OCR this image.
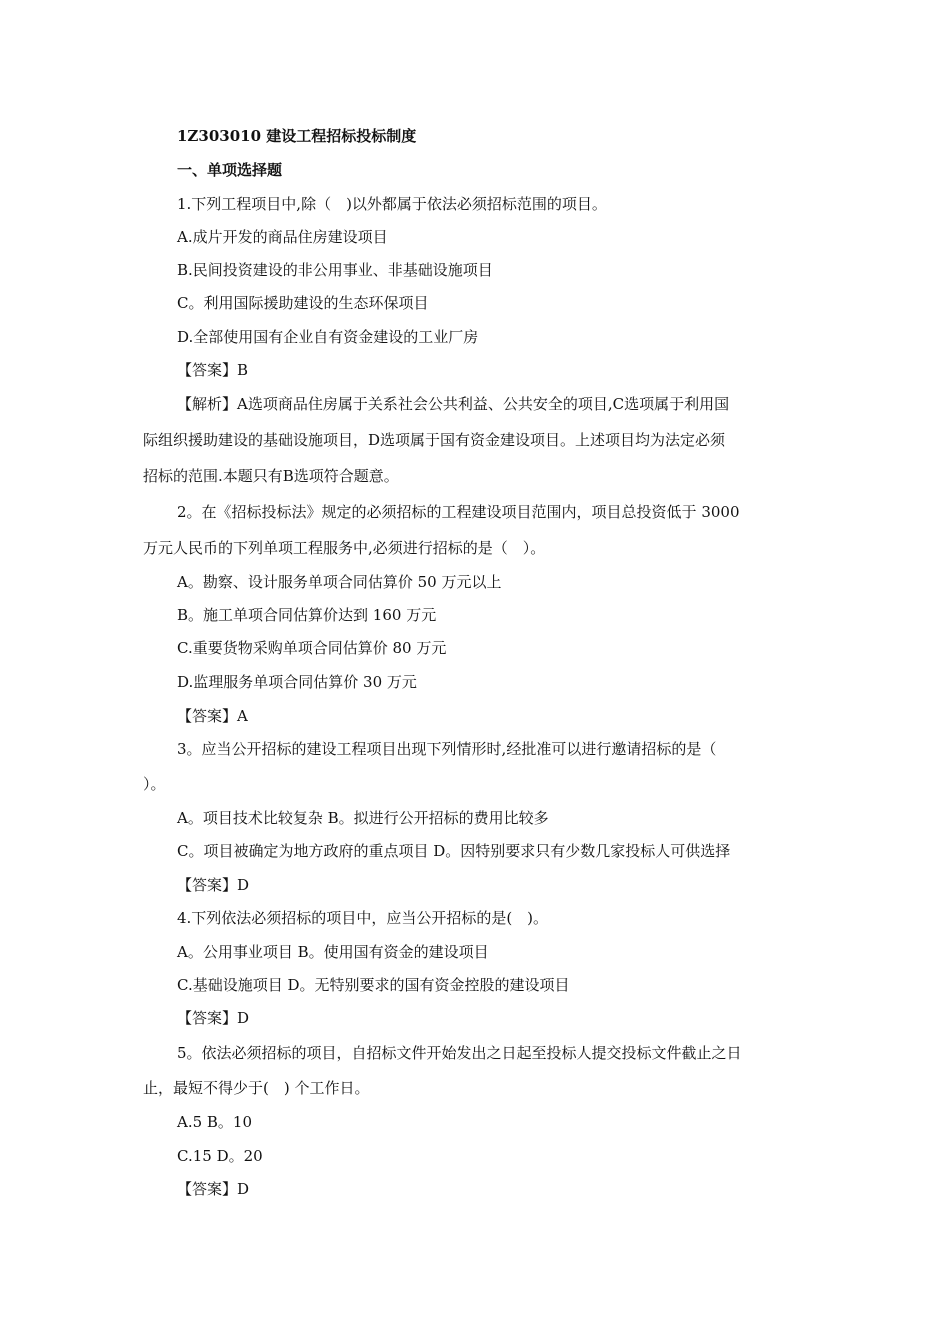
1Z303010 建设工程招标投标制度
一、单项选择题
1.下列工程项目中,除（　)以外都属于依法必须招标范围的项目。
A.成片开发的商品住房建设项目
B.民间投资建设的非公用事业、非基础设施项目
C。利用国际援助建设的生态环保项目
D.全部使用国有企业自有资金建设的工业厂房
【答案】B
【解析】A选项商品住房属于关系社会公共利益、公共安全的项目,C选项属于利用国
际组织援助建设的基础设施项目，D选项属于国有资金建设项目。上述项目均为法定必须
招标的范围.本题只有B选项符合题意。
2。在《招标投标法》规定的必须招标的工程建设项目范围内，项目总投资低于 3000
万元人民币的下列单项工程服务中,必须进行招标的是（　）。
A。勘察、设计服务单项合同估算价 50 万元以上
B。施工单项合同估算价达到 160 万元
C.重要货物采购单项合同估算价 80 万元
D.监理服务单项合同估算价 30 万元
【答案】A
3。应当公开招标的建设工程项目出现下列情形时,经批准可以进行邀请招标的是（
）。
A。项目技术比较复杂 B。拟进行公开招标的费用比较多
C。项目被确定为地方政府的重点项目 D。因特别要求只有少数几家投标人可供选择
【答案】D
4.下列依法必须招标的项目中，应当公开招标的是(　)。
A。公用事业项目 B。使用国有资金的建设项目
C.基础设施项目 D。无特别要求的国有资金控股的建设项目
【答案】D
5。依法必须招标的项目，自招标文件开始发出之日起至投标人提交投标文件截止之日
止，最短不得少于(　) 个工作日。
A.5 B。10
C.15 D。20
【答案】D
